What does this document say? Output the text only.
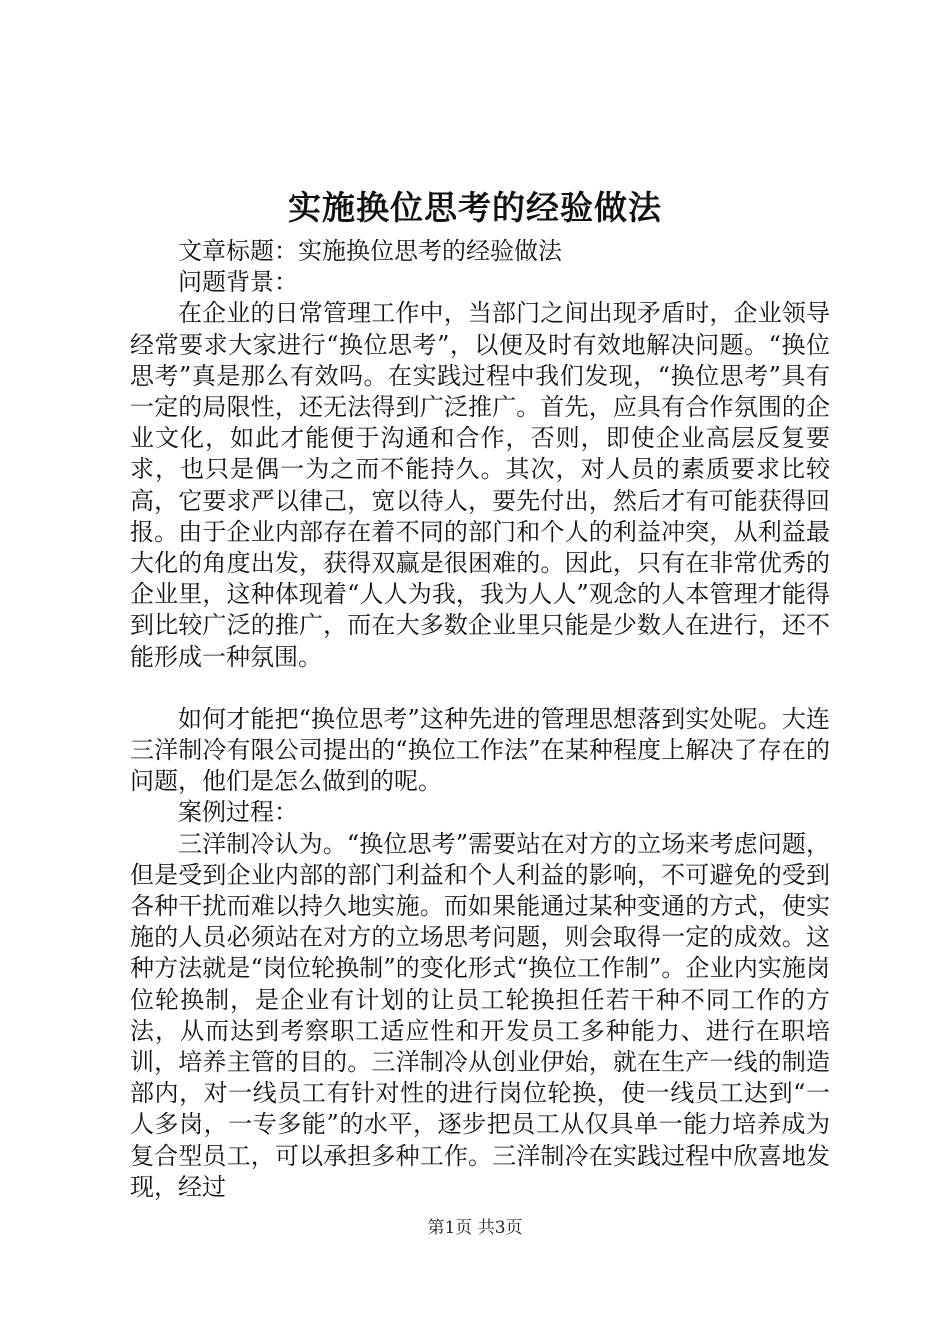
实施换位思考的经验做法

文章标题：实施换位思考的经验做法

问题背景：

在企业的日常管理工作中，当部门之间出现矛盾时，企业领导经常要求大家进行“换位思考”，以便及时有效地解决问题。“换位思考”真是那么有效吗。在实践过程中我们发现，“换位思考”具有一定的局限性，还无法得到广泛推广。首先，应具有合作氛围的企业文化，如此才能便于沟通和合作，否则，即使企业高层反复要求，也只是偶一为之而不能持久。其次，对人员的素质要求比较高，它要求严以律己，宽以待人，要先付出，然后才有可能获得回报。由于企业内部存在着不同的部门和个人的利益冲突，从利益最大化的角度出发，获得双赢是很困难的。因此，只有在非常优秀的企业里，这种体现着“人人为我，我为人人”观念的人本管理才能得到比较广泛的推广，而在大多数企业里只能是少数人在进行，还不能形成一种氛围。

如何才能把“换位思考”这种先进的管理思想落到实处呢。大连三洋制冷有限公司提出的“换位工作法”在某种程度上解决了存在的问题，他们是怎么做到的呢。

案例过程：

三洋制冷认为。“换位思考”需要站在对方的立场来考虑问题，但是受到企业内部的部门利益和个人利益的影响，不可避免的受到各种干扰而难以持久地实施。而如果能通过某种变通的方式，使实施的人员必须站在对方的立场思考问题，则会取得一定的成效。这种方法就是“岗位轮换制”的变化形式“换位工作制”。企业内实施岗位轮换制，是企业有计划的让员工轮换担任若干种不同工作的方法，从而达到考察职工适应性和开发员工多种能力、进行在职培训，培养主管的目的。三洋制冷从创业伊始，就在生产一线的制造部内，对一线员工有针对性的进行岗位轮换，使一线员工达到“一人多岗，一专多能”的水平，逐步把员工从仅具单一能力培养成为复合型员工，可以承担多种工作。三洋制冷在实践过程中欣喜地发现，经过

第1页 共3页
